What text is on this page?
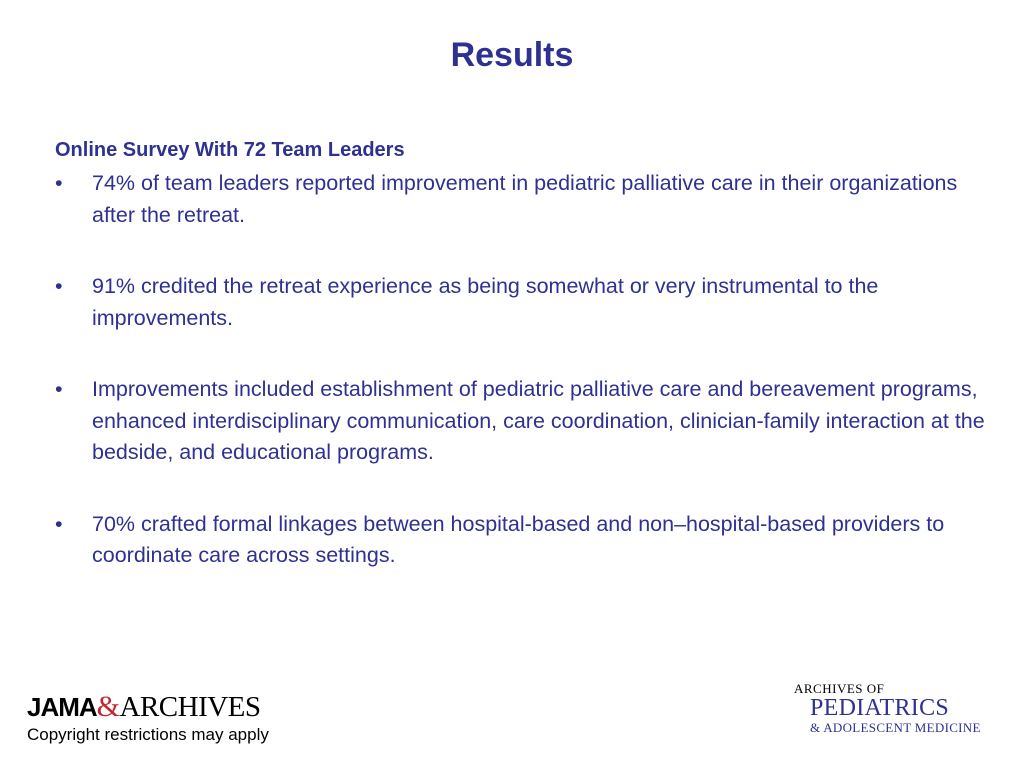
Results

Online Survey With 72 Team Leaders

• 74% of team leaders reported improvement in pediatric palliative care in their organizations after the retreat.
• 91% credited the retreat experience as being somewhat or very instrumental to the improvements.
• Improvements included establishment of pediatric palliative care and bereavement programs, enhanced interdisciplinary communication, care coordination, clinician-family interaction at the bedside, and educational programs.
• 70% crafted formal linkages between hospital-based and non–hospital-based providers to coordinate care across settings.
JAMA&ARCHIVES
Copyright restrictions may apply
ARCHIVES OF
PEDIATRICS
& ADOLESCENT MEDICINE
